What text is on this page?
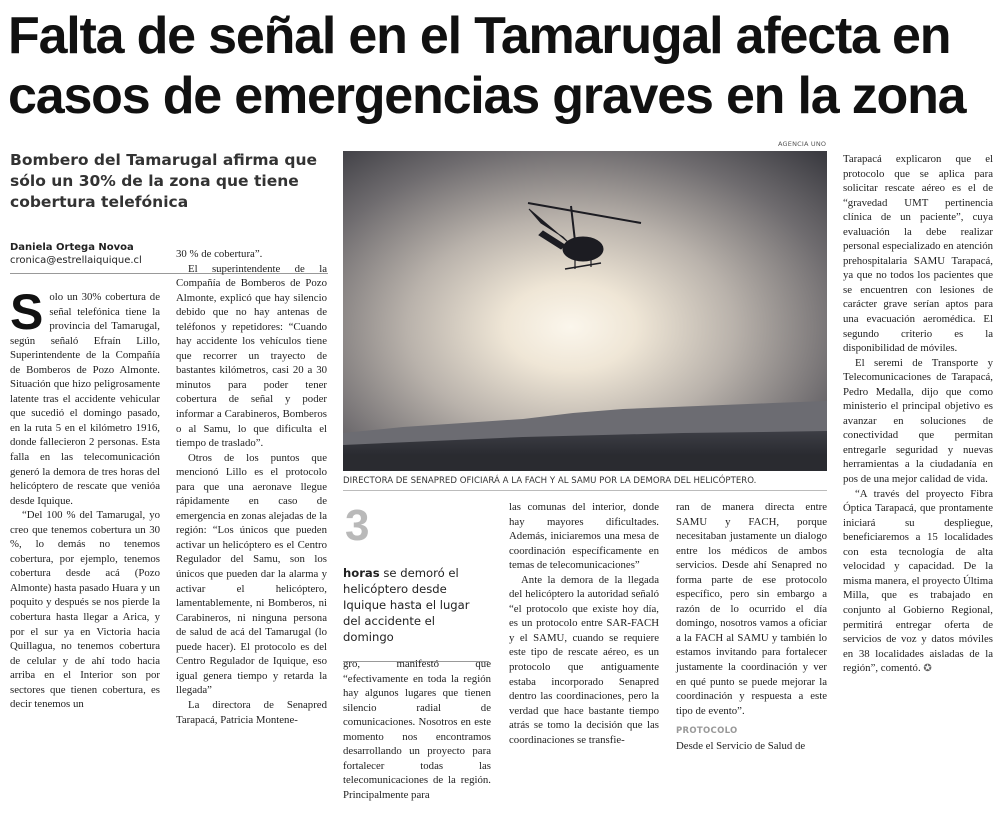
Falta de señal en el Tamarugal afecta en casos de emergencias graves en la zona
Bombero del Tamarugal afirma que sólo un 30% de la zona que tiene cobertura telefónica
Daniela Ortega Novoa
cronica@estrellaiquique.cl

Solo un 30% cobertura de señal telefónica tiene la provincia del Tamarugal, según señaló Efraín Lillo, Superintendente de la Compañía de Bomberos de Pozo Almonte. Situación que hizo peligrosamente latente tras el accidente vehicular que sucedió el domingo pasado, en la ruta 5 en el kilómetro 1916, donde fallecieron 2 personas. Esta falla en las telecomunicación generó la demora de tres horas del helicóptero de rescate que venióa desde Iquique.

“Del 100 % del Tamarugal, yo creo que tenemos cobertura un 30 %, lo demás no tenemos cobertura, por ejemplo, tenemos cobertura desde acá (Pozo Almonte) hasta pasado Huara y un poquito y después se nos pierde la cobertura hasta llegar a Arica, y por el sur ya en Victoria hacia Quillagua, no tenemos cobertura de celular y de ahí todo hacia arriba en el Interior son por sectores que tienen cobertura, es decir tenemos un

30 % de cobertura”.

El superintendente de la Compañía de Bomberos de Pozo Almonte, explicó que hay silencio debido que no hay antenas de teléfonos y repetidores: “Cuando hay accidente los vehículos tiene que recorrer un trayecto de bastantes kilómetros, casi 20 a 30 minutos para poder tener cobertura de señal y poder informar a Carabineros, Bomberos o al Samu, lo que dificulta el tiempo de traslado”.

Otros de los puntos que mencionó Lillo es el protocolo para que una aeronave llegue rápidamente en caso de emergencia en zonas alejadas de la región: “Los únicos que pueden activar un helicóptero es el Centro Regulador del Samu, son los únicos que pueden dar la alarma y activar el helicóptero, lamentablemente, ni Bomberos, ni Carabineros, ni ninguna persona de salud de acá del Tamarugal (lo puede hacer). El protocolo es del Centro Regulador de Iquique, eso igual genera tiempo y retarda la llegada”

La directora de Senapred Tarapacá, Patricia Montene-

AGENCIA UNO
DIRECTORA DE SENAPRED OFICIARÁ A LA FACH Y AL SAMU POR LA DEMORA DEL HELICÓPTERO.
3
horas se demoró el helicóptero desde Iquique hasta el lugar del accidente el domingo

gro, manifestó que “efectivamente en toda la región hay algunos lugares que tienen silencio radial de comunicaciones. Nosotros en este momento nos encontramos desarrollando un proyecto para fortalecer todas las telecomunicaciones de la región. Principalmente para

las comunas del interior, donde hay mayores dificultades. Además, iniciaremos una mesa de coordinación específicamente en temas de telecomunicaciones”

Ante la demora de la llegada del helicóptero la autoridad señaló “el protocolo que existe hoy día, es un protocolo entre SAR-FACH y el SAMU, cuando se requiere este tipo de rescate aéreo, es un protocolo que antiguamente estaba incorporado Senapred dentro las coordinaciones, pero la verdad que hace bastante tiempo atrás se tomo la decisión que las coordinaciones se transfie-

ran de manera directa entre SAMU y FACH, porque necesitaban justamente un dialogo entre los médicos de ambos servicios. Desde ahí Senapred no forma parte de ese protocolo específico, pero sin embargo a razón de lo ocurrido el día domingo, nosotros vamos a oficiar a la FACH al SAMU y también lo estamos invitando para fortalecer justamente la coordinación y ver en qué punto se puede mejorar la coordinación y respuesta a este tipo de evento”.

PROTOCOLO

Desde el Servicio de Salud de

Tarapacá explicaron que el protocolo que se aplica para solicitar rescate aéreo es el de “gravedad UMT pertinencia clínica de un paciente”, cuya evaluación la debe realizar personal especializado en atención prehospitalaria SAMU Tarapacá, ya que no todos los pacientes que se encuentren con lesiones de carácter grave serían aptos para una evacuación aeromédica. El segundo criterio es la disponibilidad de móviles.

El seremi de Transporte y Telecomunicaciones de Tarapacá, Pedro Medalla, dijo que como ministerio el principal objetivo es avanzar en soluciones de conectividad que permitan entregarle seguridad y nuevas herramientas a la ciudadanía en pos de una mejor calidad de vida.

“A través del proyecto Fibra Óptica Tarapacá, que prontamente iniciará su despliegue, beneficiaremos a 15 localidades con esta tecnología de alta velocidad y capacidad. De la misma manera, el proyecto Última Milla, que es trabajado en conjunto al Gobierno Regional, permitirá entregar oferta de servicios de voz y datos móviles en 38 localidades aisladas de la región”, comentó. ✪
